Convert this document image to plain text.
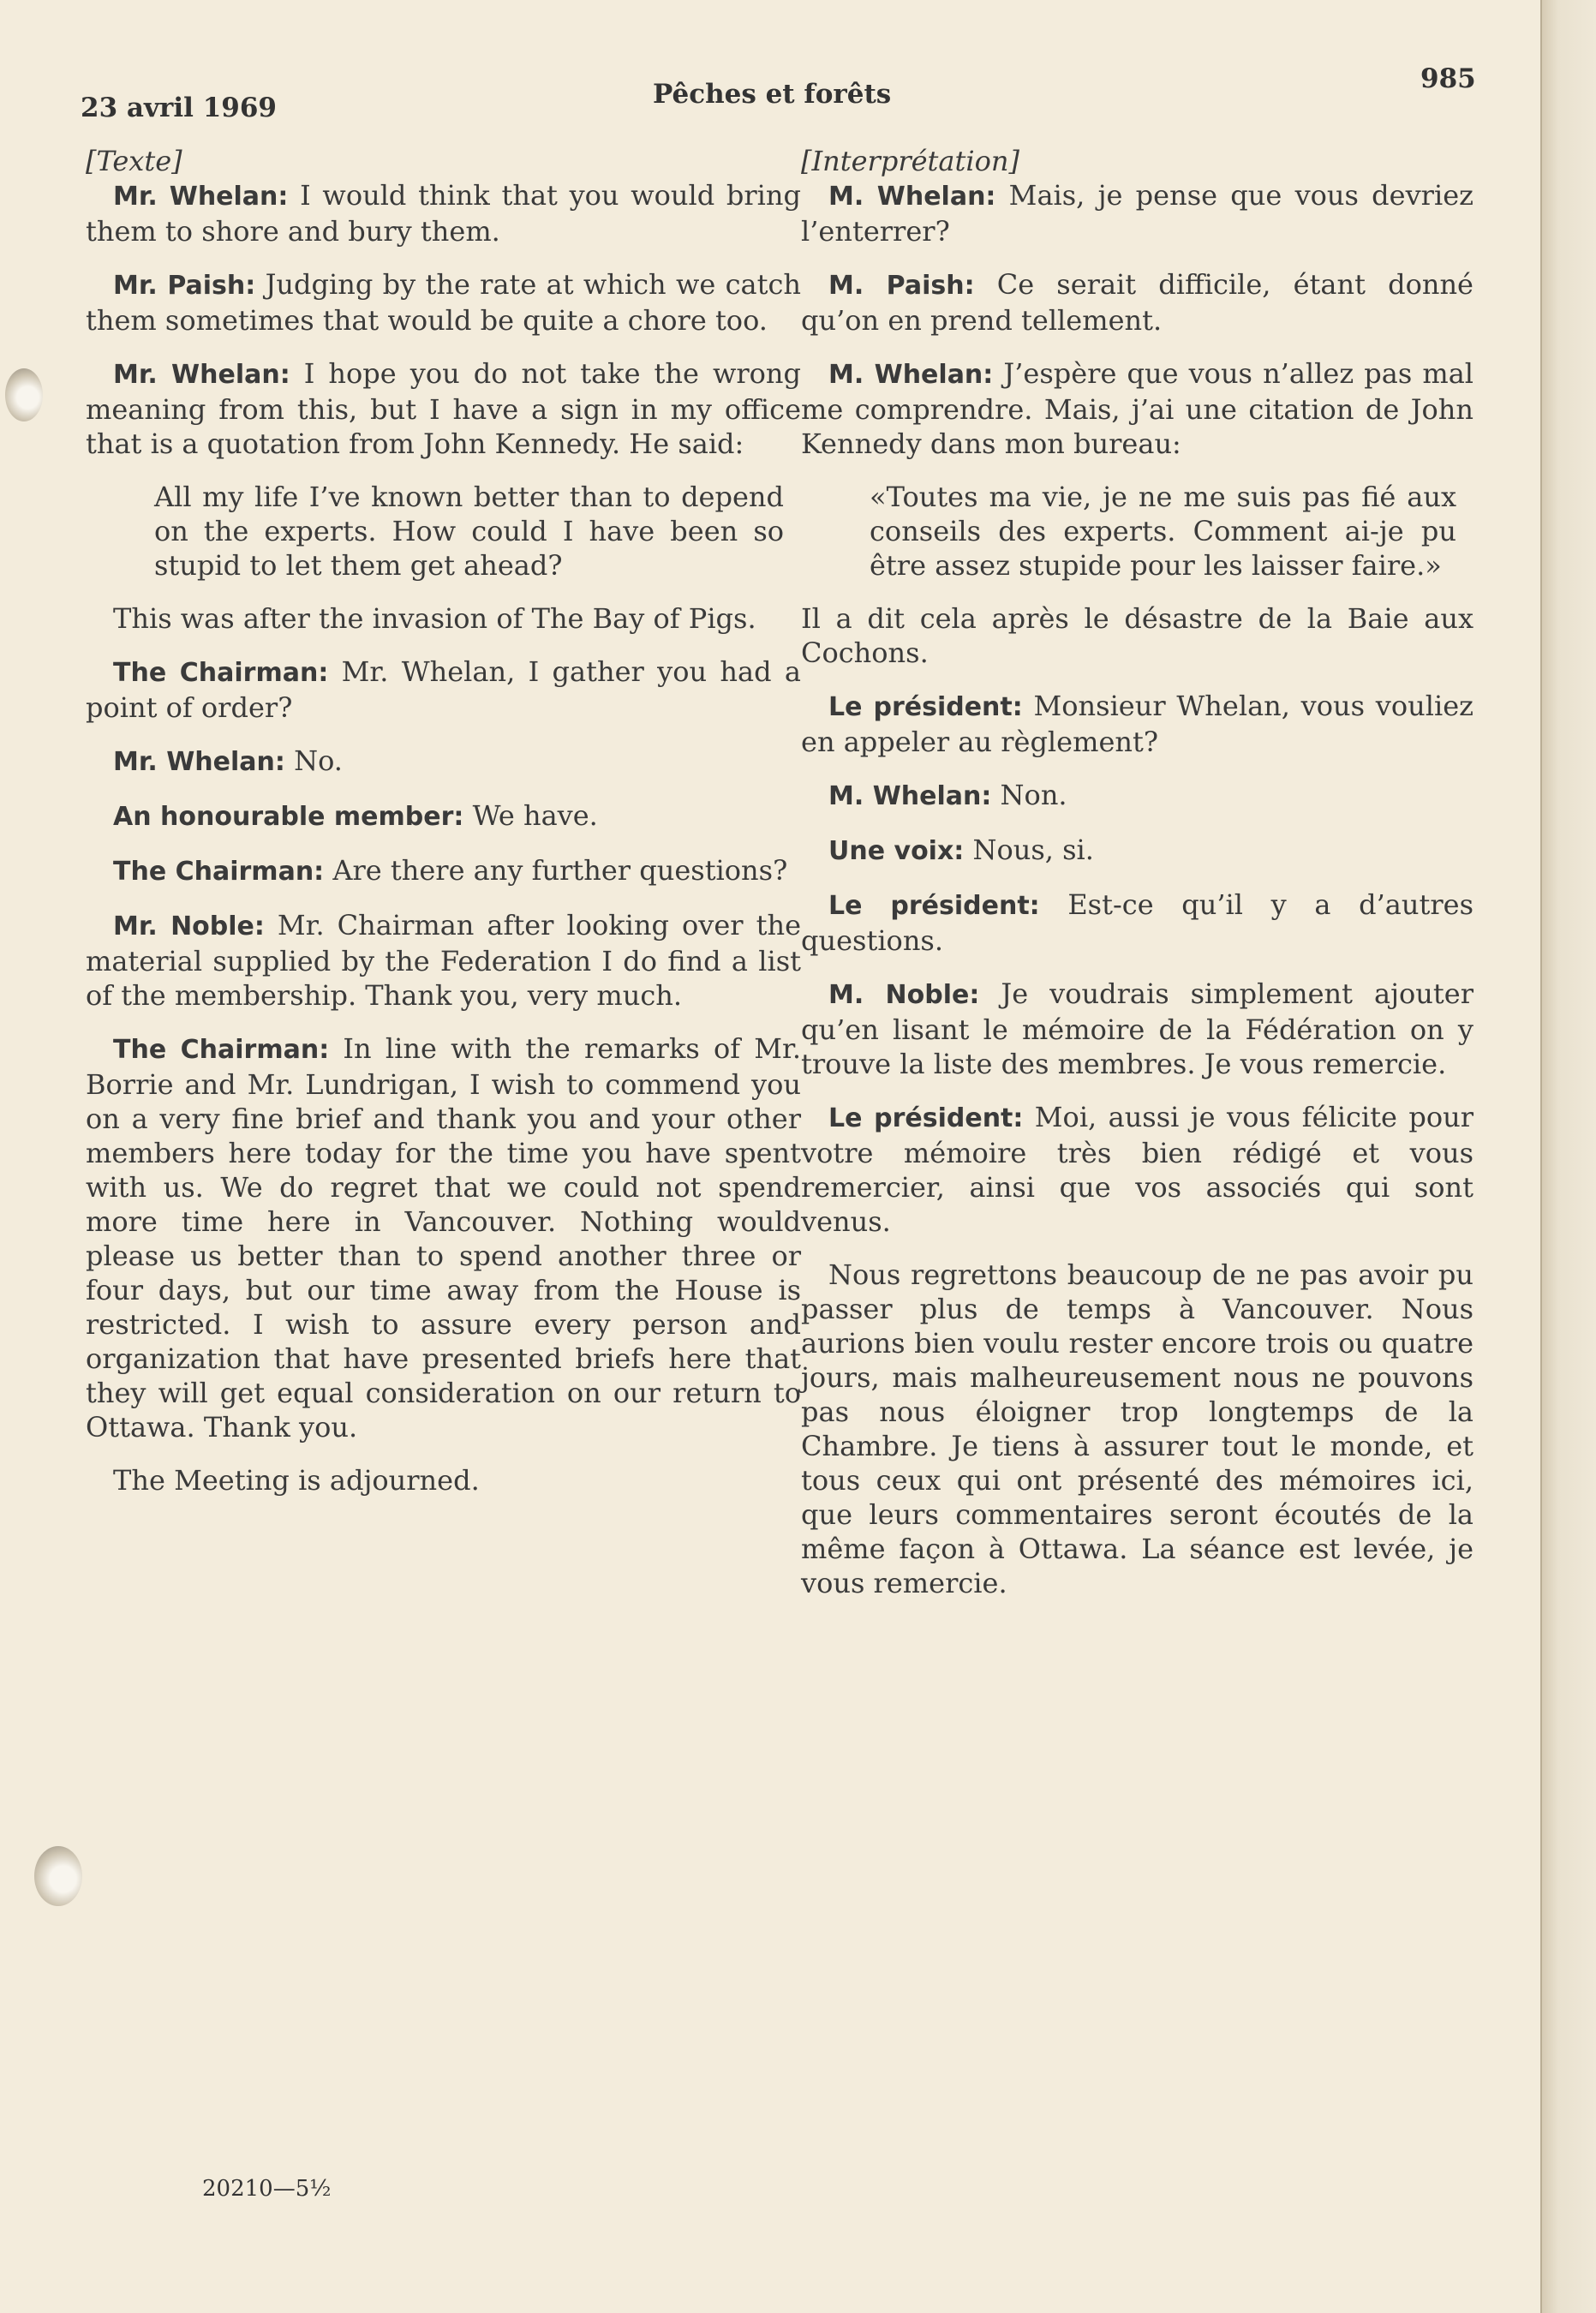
23 avril 1969	Pêches et forêts	985

[Texte]

Mr. Whelan: I would think that you would bring them to shore and bury them.

Mr. Paish: Judging by the rate at which we catch them sometimes that would be quite a chore too.

Mr. Whelan: I hope you do not take the wrong meaning from this, but I have a sign in my office that is a quotation from John Kennedy. He said:

All my life I’ve known better than to depend on the experts. How could I have been so stupid to let them get ahead?

This was after the invasion of The Bay of Pigs.

The Chairman: Mr. Whelan, I gather you had a point of order?

Mr. Whelan: No.

An honourable member: We have.

The Chairman: Are there any further questions?

Mr. Noble: Mr. Chairman after looking over the material supplied by the Federation I do find a list of the membership. Thank you, very much.

The Chairman: In line with the remarks of Mr. Borrie and Mr. Lundrigan, I wish to commend you on a very fine brief and thank you and your other members here today for the time you have spent with us. We do regret that we could not spend more time here in Vancouver. Nothing would please us better than to spend another three or four days, but our time away from the House is restricted. I wish to assure every person and organization that have presented briefs here that they will get equal consideration on our return to Ottawa. Thank you.

The Meeting is adjourned.

[Interprétation]

M. Whelan: Mais, je pense que vous devriez l’enterrer?

M. Paish: Ce serait difficile, étant donné qu’on en prend tellement.

M. Whelan: J’espère que vous n’allez pas mal me comprendre. Mais, j’ai une citation de John Kennedy dans mon bureau:

«Toutes ma vie, je ne me suis pas fié aux conseils des experts. Comment ai-je pu être assez stupide pour les laisser faire.»

Il a dit cela après le désastre de la Baie aux Cochons.

Le président: Monsieur Whelan, vous vouliez en appeler au règlement?

M. Whelan: Non.

Une voix: Nous, si.

Le président: Est-ce qu’il y a d’autres questions.

M. Noble: Je voudrais simplement ajouter qu’en lisant le mémoire de la Fédération on y trouve la liste des membres. Je vous remercie.

Le président: Moi, aussi je vous félicite pour votre mémoire très bien rédigé et vous remercier, ainsi que vos associés qui sont venus.

Nous regrettons beaucoup de ne pas avoir pu passer plus de temps à Vancouver. Nous aurions bien voulu rester encore trois ou quatre jours, mais malheureusement nous ne pouvons pas nous éloigner trop longtemps de la Chambre. Je tiens à assurer tout le monde, et tous ceux qui ont présenté des mémoires ici, que leurs commentaires seront écoutés de la même façon à Ottawa. La séance est levée, je vous remercie.

20210—5½
